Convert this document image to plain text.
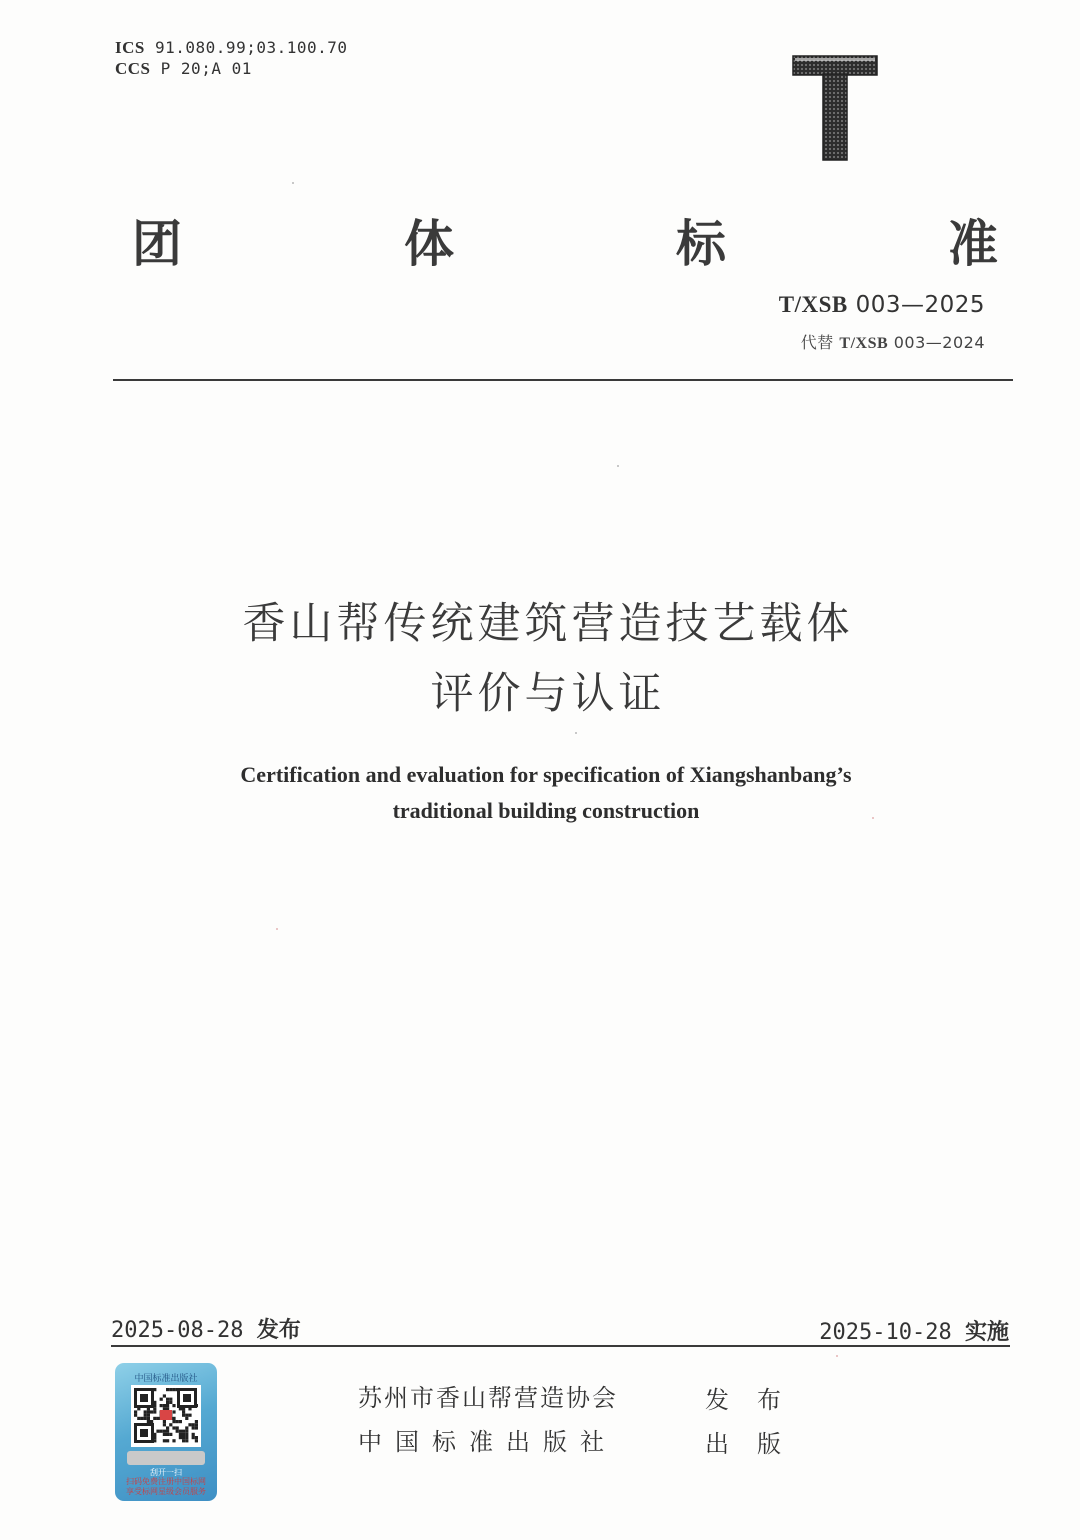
ICS 91.080.99;03.100.70
CCS P 20;A 01
团	体	标	准
T/XSB 003—2025
代替 T/XSB 003—2024
香山帮传统建筑营造技艺载体
评价与认证
Certification and evaluation for specification of Xiangshanbang’s
traditional building construction
2025-08-28 发布	2025-10-28 实施
中国标准出版社
刮开一扫
扫码免费注册中国标网
享受标网星级会员服务
苏州市香山帮营造协会	发布
中国标准出版社	出版
